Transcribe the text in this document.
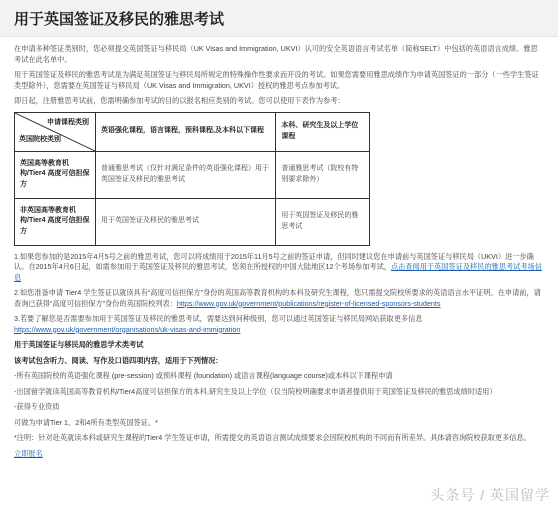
用于英国签证及移民的雅思考试

在申请多种签证类别时，您必须提交英国签证与移民局（UK Visas and Immigration, UKVI）认可的安全英语语言考试名单（简称SELT）中包括的英语语言成绩。雅思考试在此名单中。

用于英国签证及移民的雅思考试是为满足英国签证与移民局所规定的特殊操作性要求而开设的考试。如果您需要用雅思成绩作为申请英国签证的一部分（一些学生签证类型除外），您需要在英国签证与移民局（UK Visas and Immigration, UKVI）授权的雅思考点参加考试。

即日起，注册雅思考试前，您需明确参加考试的目的以报名相应类别的考试。您可以使用下表作为参考：

申请课程类别
英国院校类别	英语强化课程，语言课程，预科课程,及本科以下课程	本科、研究生及以上学位课程
英国高等教育机构/Tier4 高度可信担保方	普通雅思考试（仅针对满足条件的英语强化课程）用于英国签证及移民的雅思考试	普通雅思考试（院校有特别要求除外）
非英国高等教育机构/Tier4 高度可信担保方	用于英国签证及移民的雅思考试	用于英国签证及移民的雅思考试

1.如果您参加的是2015年4月5号之前的雅思考试，您可以将成绩用于2015年11月5号之前的签证申请，但同时建议您在申请前与英国签证与移民局（UKVI）进一步确认。自2015年4月6日起，如需参加用于英国签证及移民的雅思考试，您须在所授权的中国大陆地区12个考场参加考试，点击查阅用于英国签证及移民的雅思考试考场信息

2.如您准备申请 Tier4 学生签证以就读具有“高度可信担保方”身份的英国高等教育机构的本科及研究生课程，您只需提交院校所要求的英语语言水平证明。在申请前，请查询已获得“高度可信担保方”身份的英国院校列表：https://www.gov.uk/government/publications/register-of-licensed-sponsors-students

3.若要了解您是否需要参加用于英国签证及移民的雅思考试，需要达到何种级别，您可以通过英国签证与移民局网站获取更多信息
https://www.gov.uk/government/organisations/uk-visas-and-immigration

用于英国签证与移民局的雅思学术类考试

该考试包含听力、阅读、写作及口语四项内容，适用于下列情况：

-所有英国院校的英语强化课程 (pre-session) 或预科课程 (foundation) 或语言课程(language course)或本科以下课程申请

-出国留学就读英国高等教育机构/Tier4高度可信担保方的本科,研究生及以上学位（仅当院校明确要求申请者提供用于英国签证及移民的雅思成绩时适用）

-获得专业资质

可做为申请Tier 1、2和4所有类型英国签证。*

*注明：针对赴英就读本科或研究生课程的Tier4 学生签证申请，所需提交的英语语言测试成绩要求会因院校机构的不同而有所差异。具体请咨询院校获取更多信息。

立即报名
头条号 / 英国留学
